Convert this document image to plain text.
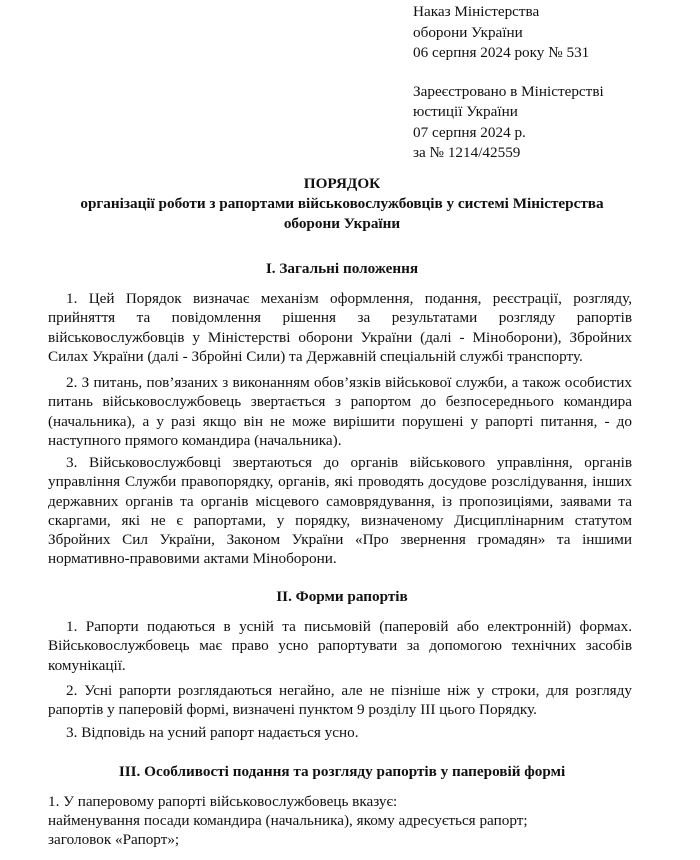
Наказ Міністерства
оборони України
06 серпня 2024 року № 531
Зареєстровано в Міністерстві
юстиції України
07 серпня 2024 р.
за № 1214/42559
ПОРЯДОК
організації роботи з рапортами військовослужбовців у системі Міністерства оборони України
I. Загальні положення

1. Цей Порядок визначає механізм оформлення, подання, реєстрації, розгляду, прийняття та повідомлення рішення за результатами розгляду рапортів військовослужбовців у Міністерстві оборони України (далі - Міноборони), Збройних Силах України (далі - Збройні Сили) та Державній спеціальній службі транспорту.

2. З питань, пов’язаних з виконанням обов’язків військової служби, а також особистих питань військовослужбовець звертається з рапортом до безпосереднього командира (начальника), а у разі якщо він не може вирішити порушені у рапорті питання, - до наступного прямого командира (начальника).

3. Військовослужбовці звертаються до органів військового управління, органів управління Служби правопорядку, органів, які проводять досудове розслідування, інших державних органів та органів місцевого самоврядування, із пропозиціями, заявами та скаргами, які не є рапортами, у порядку, визначеному Дисциплінарним статутом Збройних Сил України, Законом України «Про звернення громадян» та іншими нормативно-правовими актами Міноборони.

II. Форми рапортів

1. Рапорти подаються в усній та письмовій (паперовій або електронній) формах. Військовослужбовець має право усно рапортувати за допомогою технічних засобів комунікації.

2. Усні рапорти розглядаються негайно, але не пізніше ніж у строки, для розгляду рапортів у паперовій формі, визначені пунктом 9 розділу III цього Порядку.

3. Відповідь на усний рапорт надається усно.

III. Особливості подання та розгляду рапортів у паперовій формі

1. У паперовому рапорті військовослужбовець вказує:

найменування посади командира (начальника), якому адресується рапорт;

заголовок «Рапорт»;
